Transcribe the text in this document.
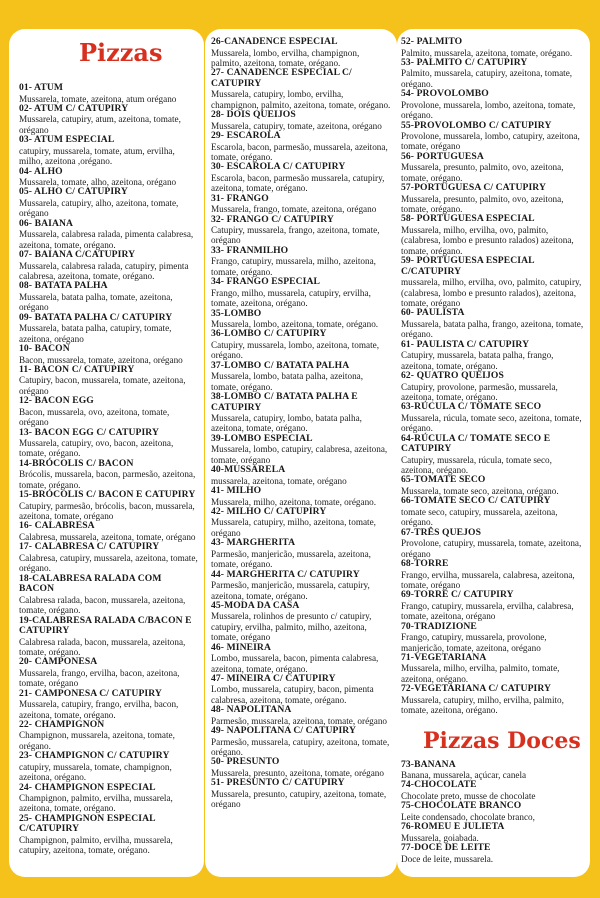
Pizzas
01- ATUM
Mussarela, tomate, azeitona, atum orégano
02- ATUM C/ CATUPIRY
Mussarela, catupiry, atum, azeitona, tomate, orégano
03- ATUM ESPECIAL
catupiry, mussarela, tomate, atum, ervilha, milho, azeitona ,orégano.
04- ALHO
Mussarela, tomate, alho, azeitona, orégano
05- ALHO C/ CATUPIRY
Mussarela, catupiry, alho, azeitona, tomate, orégano
06- BAIANA
Mussarela, calabresa ralada, pimenta calabresa, azeitona, tomate, orégano.
07- BAIANA C/CATUPIRY
Mussarela, calabresa ralada, catupiry, pimenta calabresa, azeitona, tomate, orégano.
08- BATATA PALHA
Mussarela, batata palha, tomate, azeitona, orégano
09- BATATA PALHA C/ CATUPIRY
Mussarela, batata palha, catupiry, tomate, azeitona, orégano
10- BACON
Bacon, mussarela, tomate, azeitona, orégano
11- BACON C/ CATUPIRY
Catupiry, bacon, mussarela, tomate, azeitona, orégano
12- BACON EGG
Bacon, mussarela, ovo, azeitona, tomate, orégano
13- BACON EGG C/ CATUPIRY
Mussarela, catupiry, ovo, bacon, azeitona, tomate, orégano.
14-BRÓCOLIS C/ BACON
Brócolis, mussarela, bacon, parmesão, azeitona, tomate, orégano.
15-BRÓCOLIS C/ BACON E CATUPIRY
Catupiry, parmesão, brócolis, bacon, mussarela, azeitona, tomate, orégano
16- CALABRESA
Calabresa, mussarela, azeitona, tomate, orégano
17- CALABRESA C/ CATUPIRY
Calabresa, catupiry, mussarela, azeitona, tomate, orégano.
18-CALABRESA RALADA COM BACON
Calabresa ralada, bacon, mussarela, azeitona, tomate, orégano.
19-CALABRESA RALADA C/BACON E CATUPIRY
Calabresa ralada, bacon, mussarela, azeitona, tomate, orégano.
20- CAMPONESA
Mussarela, frango, ervilha, bacon, azeitona, tomate, orégano
21- CAMPONESA C/ CATUPIRY
Mussarela, catupiry, frango, ervilha, bacon, azeitona, tomate, orégano.
22- CHAMPIGNON
Champignon, mussarela, azeitona, tomate, orégano.
23- CHAMPIGNON C/ CATUPIRY
catupiry, mussarela, tomate, champignon, azeitona, orégano.
24- CHAMPIGNON ESPECIAL
Champignon, palmito, ervilha, mussarela, azeitona, tomate, orégano.
25- CHAMPIGNON ESPECIAL C/CATUPIRY
Champignon, palmito, ervilha, mussarela, catupiry, azeitona, tomate, orégano.
26-CANADENCE ESPECIAL
Mussarela, lombo, ervilha, champignon, palmito, azeitona, tomate, orégano.
27- CANADENCE ESPECIAL C/ CATUPIRY
Mussarela, catupiry, lombo, ervilha, champignon, palmito, azeitona, tomate, orégano.
28- DOIS QUEIJOS
Mussarela, catupiry, tomate, azeitona, orégano
29- ESCAROLA
Escarola, bacon, parmesão, mussarela, azeitona, tomate, orégano.
30- ESCAROLA C/ CATUPIRY
Escarola, bacon, parmesão mussarela, catupiry, azeitona, tomate, orégano.
31- FRANGO
Mussarela, frango, tomate, azeitona, orégano
32- FRANGO C/ CATUPIRY
Catupiry, mussarela, frango, azeitona, tomate, orégano
33- FRANMILHO
Frango, catupiry, mussarela, milho, azeitona, tomate, orégano.
34- FRANGO ESPECIAL
Frango, milho, mussarela, catupiry, ervilha, tomate, azeitona, orégano.
35-LOMBO
Mussarela, lombo, azeitona, tomate, orégano.
36-LOMBO C/ CATUPIRY
Catupiry, mussarela, lombo, azeitona, tomate, orégano.
37-LOMBO C/ BATATA PALHA
Mussarela, lombo, batata palha, azeitona, tomate, orégano.
38-LOMBO C/ BATATA PALHA E CATUPIRY
Mussarela, catupiry, lombo, batata palha, azeitona, tomate, orégano.
39-LOMBO ESPECIAL
Mussarela, lombo, catupiry, calabresa, azeitona, tomate, orégano
40-MUSSARELA
mussarela, azeitona, tomate, orégano
41- MILHO
Mussarela, milho, azeitona, tomate, orégano.
42- MILHO C/ CATUPIRY
Mussarela, catupiry, milho, azeitona, tomate, orégano
43- MARGHERITA
Parmesão, manjericão, mussarela, azeitona, tomate, orégano.
44- MARGHERITA C/ CATUPIRY
Parmesão, manjericão, mussarela, catupiry, azeitona, tomate, orégano.
45-MODA DA CASA
Mussarela, rolinhos de presunto c/ catupiry, catupiry, ervilha, palmito, milho, azeitona, tomate, orégano
46- MINEIRA
Lombo, mussarela, bacon, pimenta calabresa, azeitona, tomate, orégano.
47- MINEIRA C/ CATUPIRY
Lombo, mussarela, catupiry, bacon, pimenta calabresa, azeitona, tomate, orégano.
48- NAPOLITANA
Parmesão, mussarela, azeitona, tomate, orégano
49- NAPOLITANA C/ CATUPIRY
Parmesão, mussarela, catupiry, azeitona, tomate, orégano.
50- PRESUNTO
Mussarela, presunto, azeitona, tomate, orégano
51- PRESUNTO C/ CATUPIRY
Mussarela, presunto, catupiry, azeitona, tomate, orégano
52- PALMITO
Palmito, mussarela, azeitona, tomate, orégano.
53- PALMITO C/ CATUPIRY
Palmito, mussarela, catupiry, azeitona, tomate, orégano.
54- PROVOLOMBO
Provolone, mussarela, lombo, azeitona, tomate, orégano.
55-PROVOLOMBO C/ CATUPIRY
Provolone, mussarela, lombo, catupiry, azeitona, tomate, orégano
56- PORTUGUESA
Mussarela, presunto, palmito, ovo, azeitona, tomate, orégano.
57-PORTUGUESA C/ CATUPIRY
Mussarela, presunto, palmito, ovo, azeitona, tomate, orégano.
58- PORTUGUESA ESPECIAL
Mussarela, milho, ervilha, ovo, palmito, (calabresa, lombo e presunto ralados) azeitona, tomate, orégano.
59- PORTUGUESA ESPECIAL C/CATUPIRY
mussarela, milho, ervilha, ovo, palmito, catupiry, (calabresa, lombo e presunto ralados), azeitona, tomate, orégano
60- PAULISTA
Mussarela, batata palha, frango, azeitona, tomate, orégano.
61- PAULISTA C/ CATUPIRY
Catupiry, mussarela, batata palha, frango, azeitona, tomate, orégano.
62- QUATRO QUEIJOS
Catupiry, provolone, parmesão, mussarela, azeitona, tomate, orégano.
63-RÚCULA C/ TOMATE SECO
Mussarela, rúcula, tomate seco, azeitona, tomate, orégano.
64-RÚCULA C/ TOMATE SECO E CATUPIRY
Catupiry, mussarela, rúcula, tomate seco, azeitona, orégano.
65-TOMATE SECO
Mussarela, tomate seco, azeitona, orégano.
66-TOMATE SECO C/ CATUPIRY
tomate seco, catupiry, mussarela, azeitona, orégano.
67-TRÊS QUEJOS
Provolone, catupiry, mussarela, tomate, azeitona, orégano
68-TORRE
Frango, ervilha, mussarela, calabresa, azeitona, tomate, orégano
69-TORRE C/ CATUPIRY
Frango, catupiry, mussarela, ervilha, calabresa, tomate, azeitona, orégano
70-TRADIZIONE
Frango, catupiry, mussarela, provolone, manjericão, tomate, azeitona, orégano
71-VEGETARIANA
Mussarela, milho, ervilha, palmito, tomate, azeitona, orégano.
72-VEGETARIANA C/ CATUPIRY
Mussarela, catupiry, milho, ervilha, palmito, tomate, azeitona, orégano.
Pizzas Doces
73-BANANA
Banana, mussarela, açúcar, canela
74-CHOCOLATE
Chocolate preto, musse de chocolate
75-CHOCOLATE BRANCO
Leite condensado, chocolate branco,
76-ROMEU E JULIETA
Mussarela, goiabada.
77-DOCE DE LEITE
Doce de leite, mussarela.
